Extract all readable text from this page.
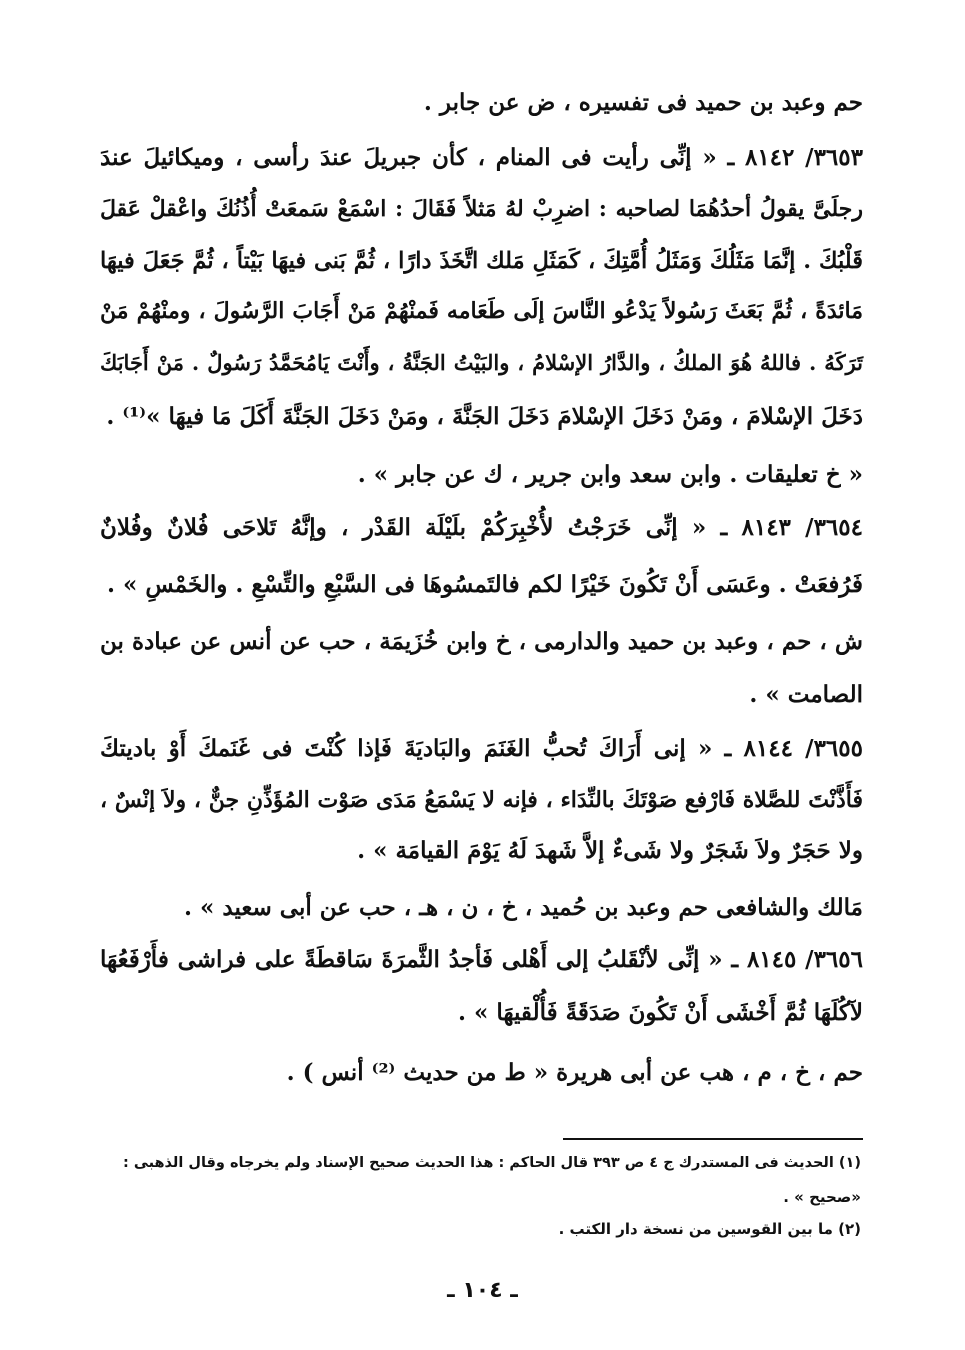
حم وعبد بن حميد فى تفسيره ، ض عن جابر .
٣٦٥٣/ ٨١٤٢ ـ « إنِّى رأيت فى المنام ، كأن جبريلَ عندَ رأسى ، وميكائيلَ عندَ
رجلَىَّ يقولُ أحدُهُمَا لصاحبه : اضرِبْ لهُ مَثلاً فَقَالَ : اسْمَعْ سَمعَتْ أُذُنُكَ واعْقلْ عَقلَ
قَلْبُكَ . إنَّمَا مَثَلُكَ وَمَثَلُ أُمَّتِكَ ، كَمَثَلِ مَلك اتَّخَذَ دارًا ، ثُمَّ بَنى فيهَا بَيْتاً ، ثُمَّ جَعَلَ فيهَا
مَائدَةً ، ثُمَّ بَعَثَ رَسُولاً يَدْعُو النَّاسَ إلَى طَعَامه فَمنْهُمْ مَنْ أَجَابَ الرَّسُولَ ، ومنْهُمْ مَنْ
تَرَكَهُ . فاللهُ هُوَ الملكُ ، والدَّارُ الإسْلامُ ، والبَيْتُ الجَنَّةُ ، وأَنْتَ يَامُحَمَّدُ رَسُولٌ . مَنْ أَجَابَكَ
دَخَلَ الإسْلامَ ، ومَنْ دَخَلَ الإسْلامَ دَخَلَ الجَنَّةَ ، ومَنْ دَخَلَ الجَنَّةَ أَكَلَ مَا فيهَا »⁽¹⁾ .
« خ تعليقات . وابن سعد وابن جرير ، ك عن جابر » .
٣٦٥٤/ ٨١٤٣ ـ « إنِّى خَرَجْتُ لأُخْبِرَكُمْ بلَيْلَة القَدْر ، وإنَّهُ تَلاحَى فُلانٌ وفُلانٌ
فَرُفعَتْ . وعَسَى أَنْ تَكُونَ خَيْرًا لكم فالتَمسُوهَا فى السَّبْعِ والتِّسْعِ . والخَمْسِ » .
ش ، حم ، وعبد بن حميد والدارمى ، خ وابن خُزَيمَة ، حب عن أنس عن عبادة بن
الصامت » .
٣٦٥٥/ ٨١٤٤ ـ « إنى أَرَاكَ تُحبُّ الغَنَمَ والبَاديَةَ فَإذا كُنْتَ فى غَنَمكَ أَوْ باديتكَ
فَأَذَّنْتَ للصَّلاة فَارْفع صَوْتَكَ بالنِّدَاء ، فإنه لا يَسْمَعُ مَدَى صَوْت المُؤَذِّنِ جنٌّ ، ولاَ إنْسٌ ،
ولا حَجَرٌ ولاَ شَجَرٌ ولا شَىءٌ إلاَّ شَهدَ لَهُ يَوْمَ القيامَة » .
مَالك والشافعى حم وعبد بن حُميد ، خ ، ن ، هـ ، حب عن أبى سعيد » .
٣٦٥٦/ ٨١٤٥ ـ « إنِّى لأنْقَلبُ إلى أَهْلى فَأجدُ الثَّمرَةَ سَاقطَةً على فراشى فأَرْفَعُهَا
لآكُلَهَا ثُمَّ أَخْشَى أَنْ تَكُونَ صَدَقَةً فَأُلْقيهَا » .
حم ، خ ، م ، هب عن أبى هريرة « ط من حديث ⁽²⁾ أنس ) .
(١) الحديث فى المستدرك ج ٤ ص ٣٩٣ قال الحاكم : هذا الحديث صحيح الإسناد ولم يخرجاه وقال الذهبى :
«صحيح » .
(٢) ما بين القوسين من نسخة دار الكتب .
ـ ١٠٤ ـ
